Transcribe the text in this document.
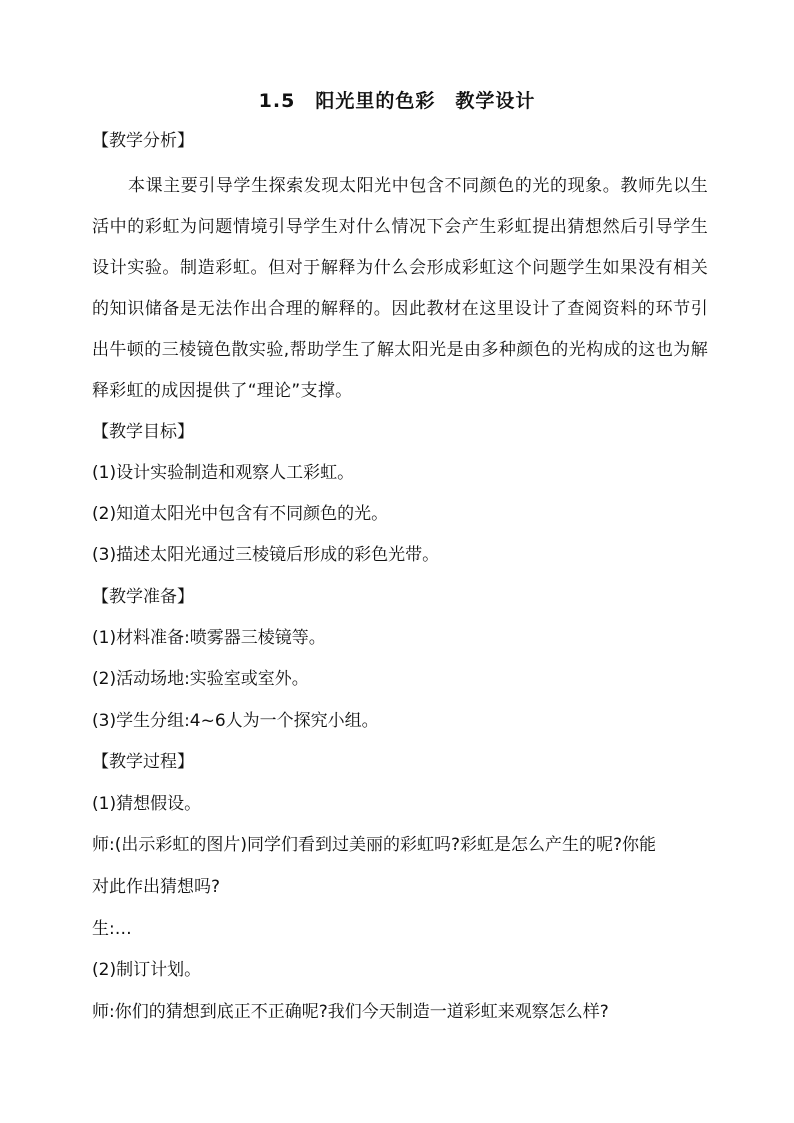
1.5 阳光里的色彩 教学设计
【教学分析】
本课主要引导学生探索发现太阳光中包含不同颜色的光的现象。教师先以生活中的彩虹为问题情境引导学生对什么情况下会产生彩虹提出猜想然后引导学生设计实验。制造彩虹。但对于解释为什么会形成彩虹这个问题学生如果没有相关的知识储备是无法作出合理的解释的。因此教材在这里设计了查阅资料的环节引出牛顿的三棱镜色散实验,帮助学生了解太阳光是由多种颜色的光构成的这也为解释彩虹的成因提供了“理论”支撑。
【教学目标】
(1)设计实验制造和观察人工彩虹。
(2)知道太阳光中包含有不同颜色的光。
(3)描述太阳光通过三棱镜后形成的彩色光带。
【教学准备】
(1)材料准备:喷雾器三棱镜等。
(2)活动场地:实验室或室外。
(3)学生分组:4~6人为一个探究小组。
【教学过程】
(1)猜想假设。
师:(出示彩虹的图片)同学们看到过美丽的彩虹吗?彩虹是怎么产生的呢?你能
对此作出猜想吗?
生:…
(2)制订计划。
师:你们的猜想到底正不正确呢?我们今天制造一道彩虹来观察怎么样?
